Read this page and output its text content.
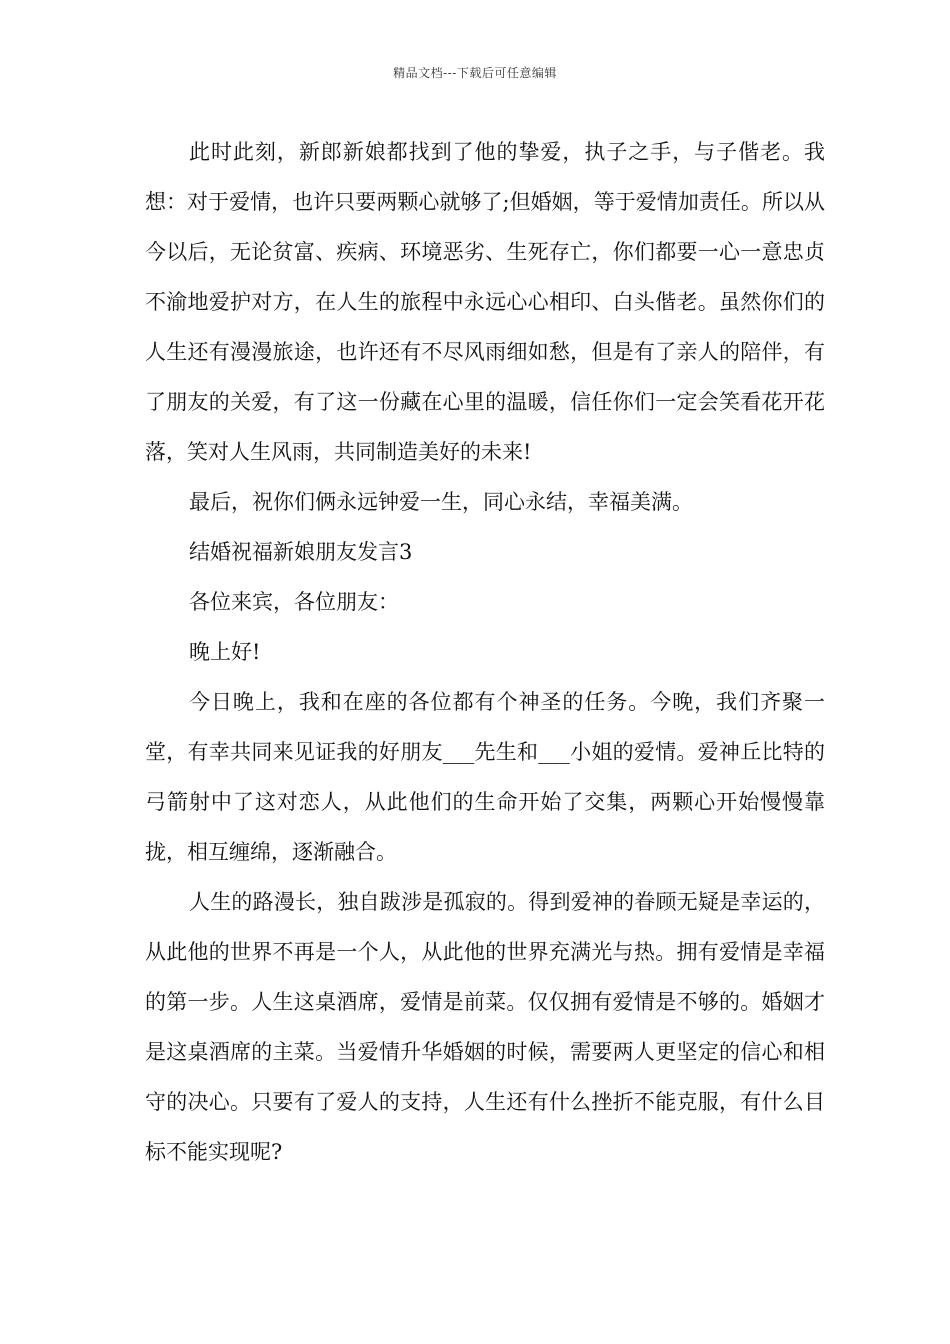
精品文档---下载后可任意编辑

此时此刻，新郎新娘都找到了他的挚爱，执子之手，与子偕老。我想：对于爱情，也许只要两颗心就够了;但婚姻，等于爱情加责任。所以从今以后，无论贫富、疾病、环境恶劣、生死存亡，你们都要一心一意忠贞不渝地爱护对方，在人生的旅程中永远心心相印、白头偕老。虽然你们的人生还有漫漫旅途，也许还有不尽风雨细如愁，但是有了亲人的陪伴，有了朋友的关爱，有了这一份藏在心里的温暖，信任你们一定会笑看花开花落，笑对人生风雨，共同制造美好的未来!

最后，祝你们俩永远钟爱一生，同心永结，幸福美满。

结婚祝福新娘朋友发言3

各位来宾，各位朋友：

晚上好!

今日晚上，我和在座的各位都有个神圣的任务。今晚，我们齐聚一堂，有幸共同来见证我的好朋友___先生和___小姐的爱情。爱神丘比特的弓箭射中了这对恋人，从此他们的生命开始了交集，两颗心开始慢慢靠拢，相互缠绵，逐渐融合。

人生的路漫长，独自跋涉是孤寂的。得到爱神的眷顾无疑是幸运的，从此他的世界不再是一个人，从此他的世界充满光与热。拥有爱情是幸福的第一步。人生这桌酒席，爱情是前菜。仅仅拥有爱情是不够的。婚姻才是这桌酒席的主菜。当爱情升华婚姻的时候，需要两人更坚定的信心和相守的决心。只要有了爱人的支持，人生还有什么挫折不能克服，有什么目标不能实现呢?
